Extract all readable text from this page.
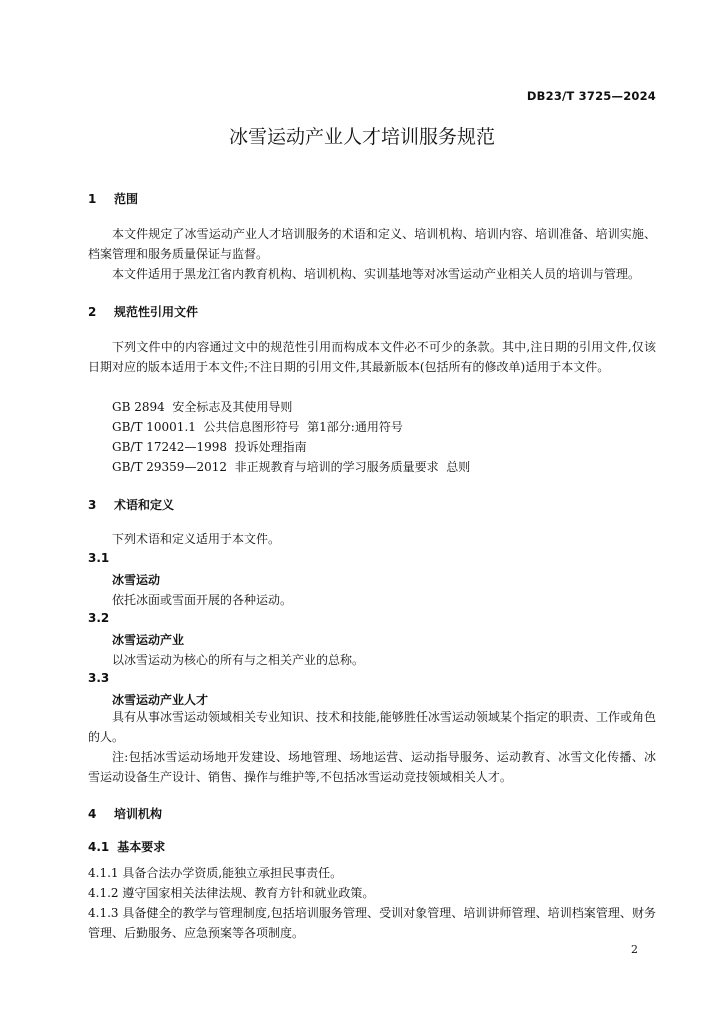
DB23/T 3725—2024
冰雪运动产业人才培训服务规范
1 范围
本文件规定了冰雪运动产业人才培训服务的术语和定义、培训机构、培训内容、培训准备、培训实施、档案管理和服务质量保证与监督。
本文件适用于黑龙江省内教育机构、培训机构、实训基地等对冰雪运动产业相关人员的培训与管理。
2 规范性引用文件
下列文件中的内容通过文中的规范性引用而构成本文件必不可少的条款。其中,注日期的引用文件,仅该日期对应的版本适用于本文件;不注日期的引用文件,其最新版本(包括所有的修改单)适用于本文件。
GB 2894  安全标志及其使用导则
GB/T 10001.1  公共信息图形符号  第1部分:通用符号
GB/T 17242—1998  投诉处理指南
GB/T 29359—2012  非正规教育与培训的学习服务质量要求  总则
3 术语和定义
下列术语和定义适用于本文件。
3.1
冰雪运动
依托冰面或雪面开展的各种运动。
3.2
冰雪运动产业
以冰雪运动为核心的所有与之相关产业的总称。
3.3
冰雪运动产业人才
具有从事冰雪运动领域相关专业知识、技术和技能,能够胜任冰雪运动领域某个指定的职责、工作或角色的人。
注:包括冰雪运动场地开发建设、场地管理、场地运营、运动指导服务、运动教育、冰雪文化传播、冰雪运动设备生产设计、销售、操作与维护等,不包括冰雪运动竞技领域相关人才。
4 培训机构
4.1 基本要求
4.1.1 具备合法办学资质,能独立承担民事责任。
4.1.2 遵守国家相关法律法规、教育方针和就业政策。
4.1.3 具备健全的教学与管理制度,包括培训服务管理、受训对象管理、培训讲师管理、培训档案管理、财务管理、后勤服务、应急预案等各项制度。
2
